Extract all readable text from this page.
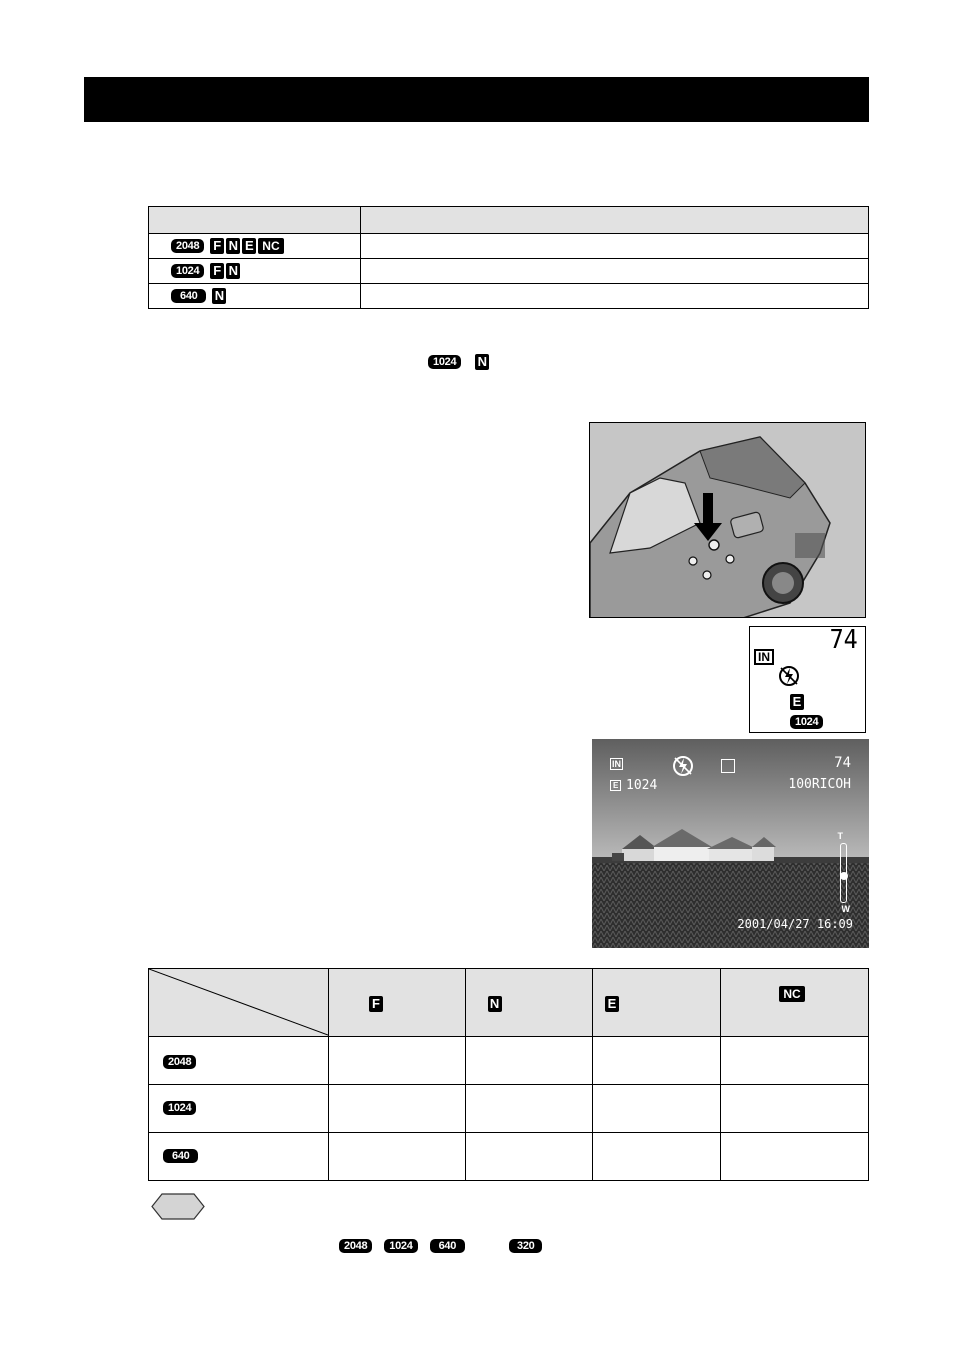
2048 F N E NC	
1024 F N	
640 N	
1024 N
74
IN
E
1024
IN
E 1024
74
100RICOH
T
W
2001/04/27 16:09
	F	N	E	NC
2048				
1024				
640				
2048 1024 640	320
